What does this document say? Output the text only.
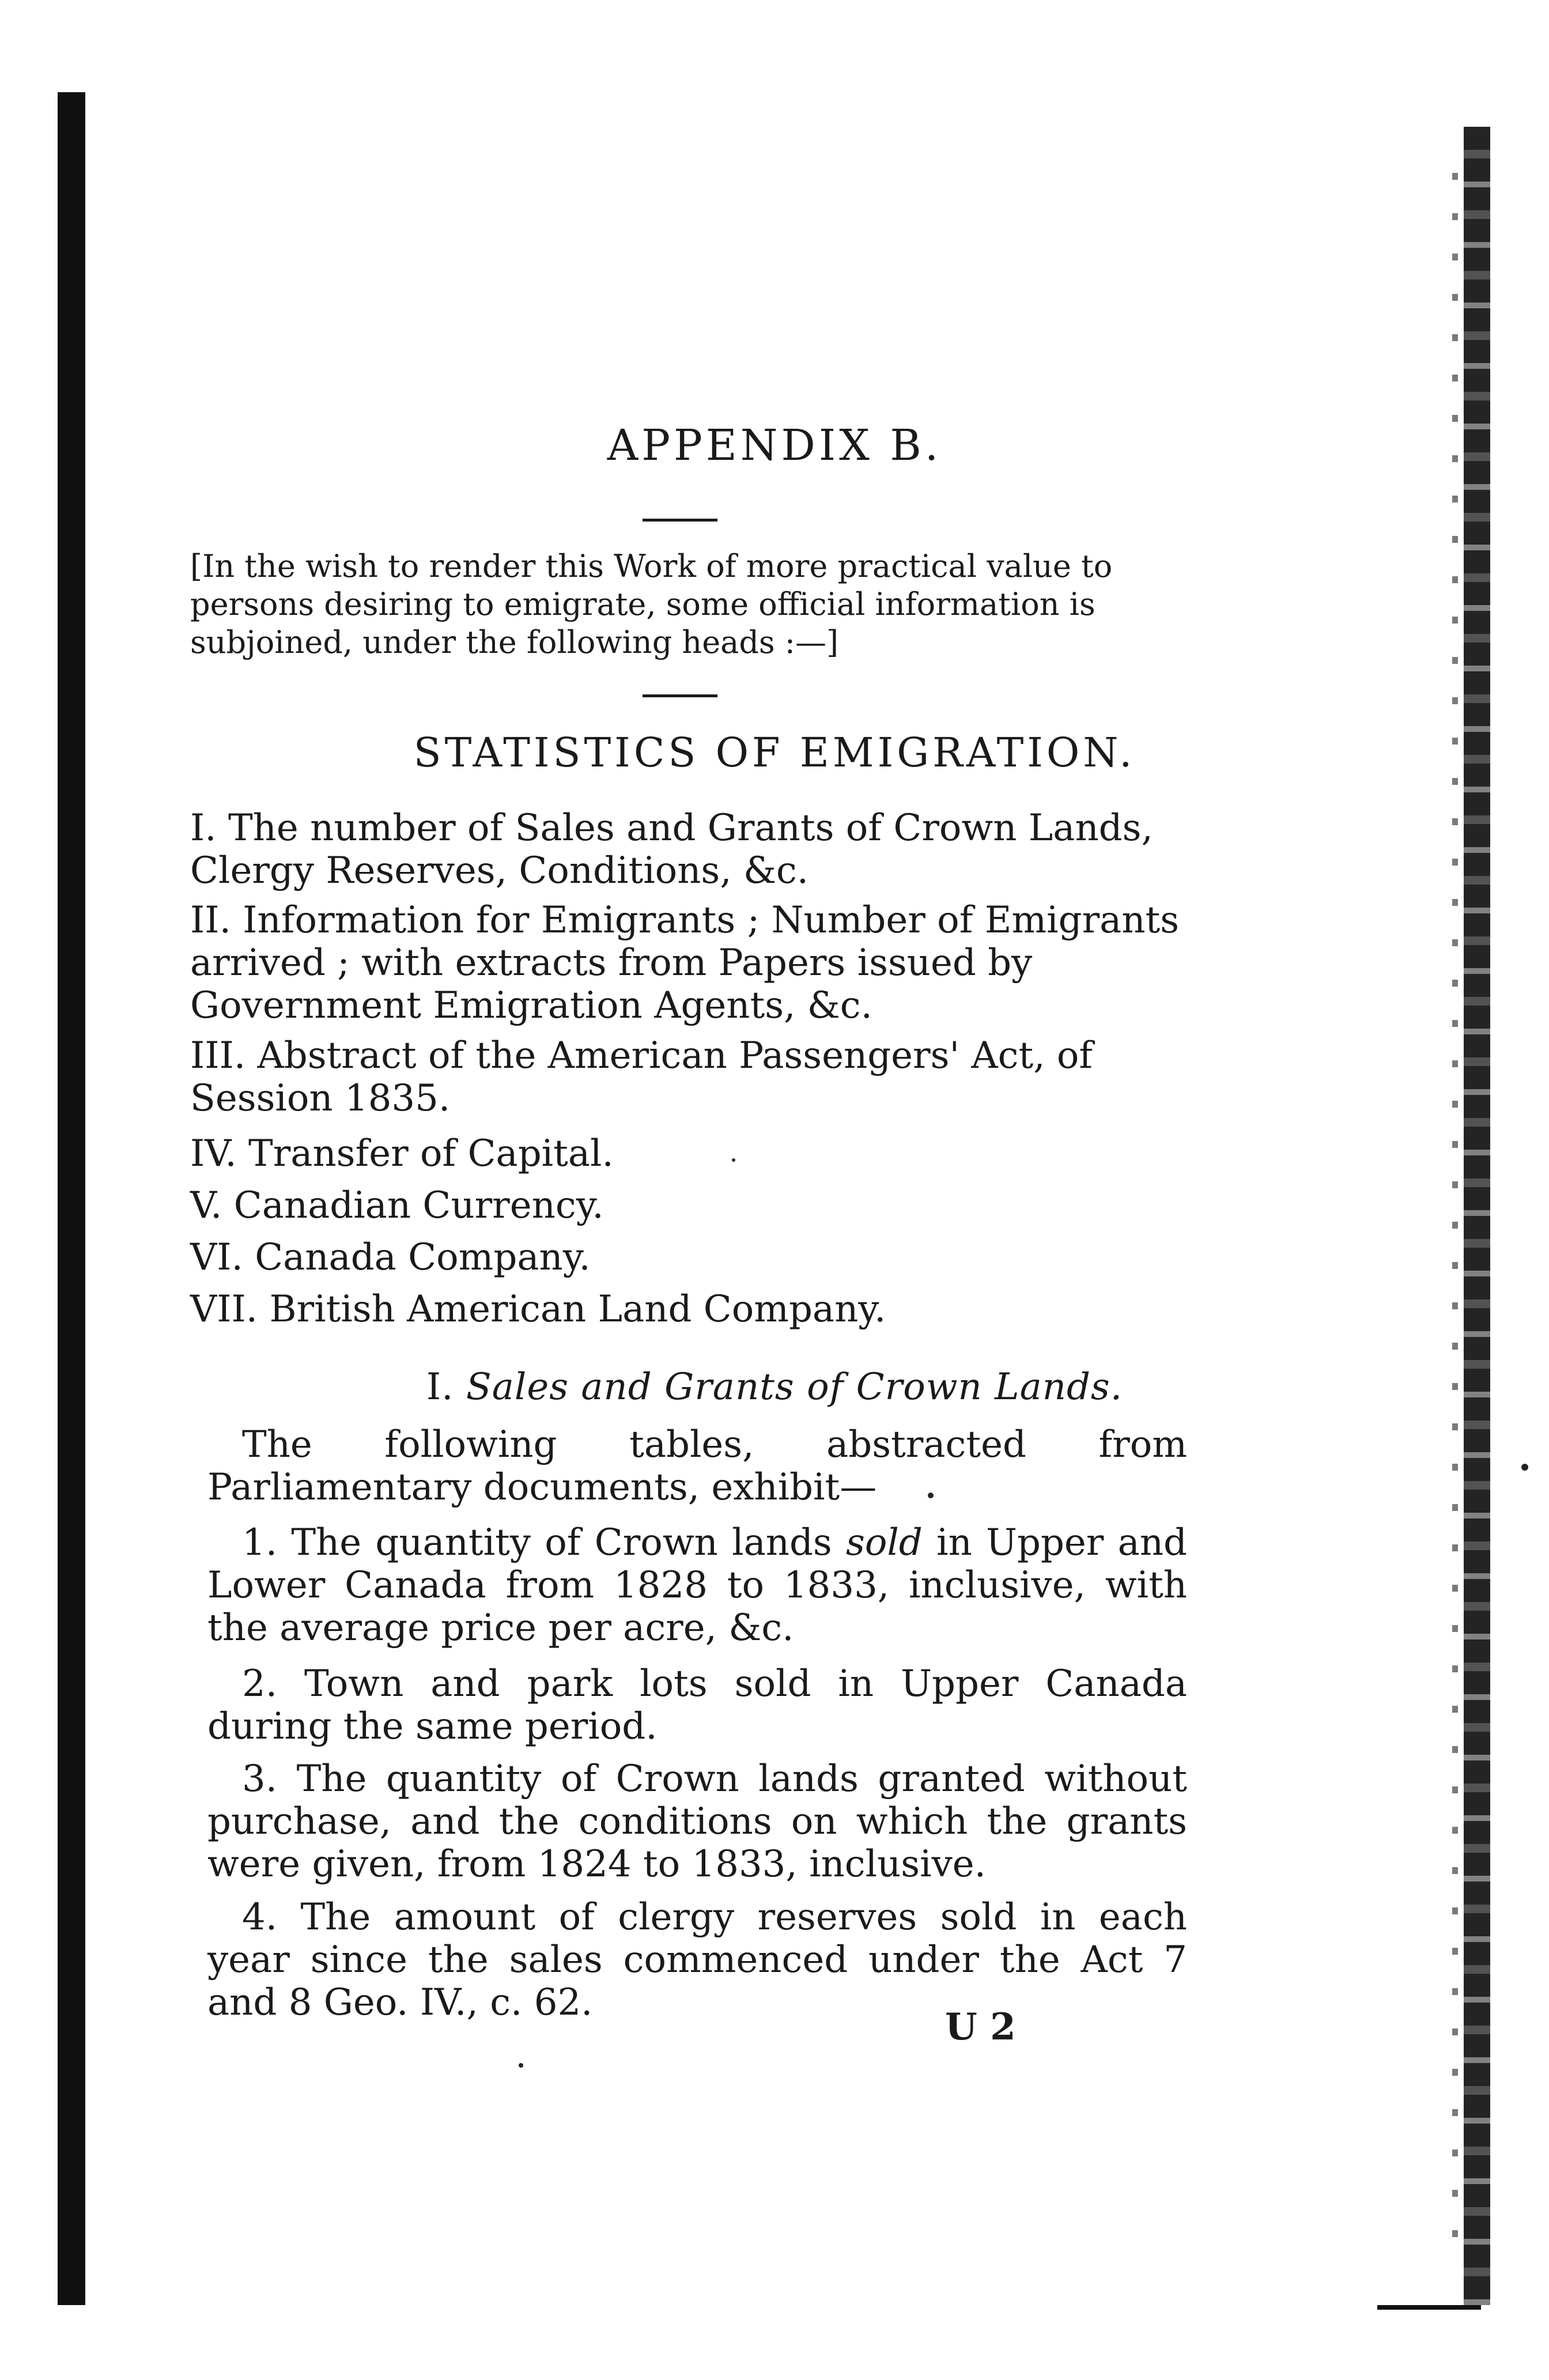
APPENDIX B.
[In the wish to render this Work of more practical value to persons desiring to emigrate, some official information is subjoined, under the following heads :—]
STATISTICS OF EMIGRATION.
I. The number of Sales and Grants of Crown Lands, Clergy Reserves, Conditions, &c.
II. Information for Emigrants ; Number of Emigrants arrived ; with extracts from Papers issued by Government Emigration Agents, &c.
III. Abstract of the American Passengers' Act, of Session 1835.
IV. Transfer of Capital.
V. Canadian Currency.
VI. Canada Company.
VII. British American Land Company.
I. Sales and Grants of Crown Lands.
The following tables, abstracted from Parliamentary documents, exhibit—
1. The quantity of Crown lands sold in Upper and Lower Canada from 1828 to 1833, inclusive, with the average price per acre, &c.
2. Town and park lots sold in Upper Canada during the same period.
3. The quantity of Crown lands granted without purchase, and the conditions on which the grants were given, from 1824 to 1833, inclusive.
4. The amount of clergy reserves sold in each year since the sales commenced under the Act 7 and 8 Geo. IV., c. 62.
U 2
